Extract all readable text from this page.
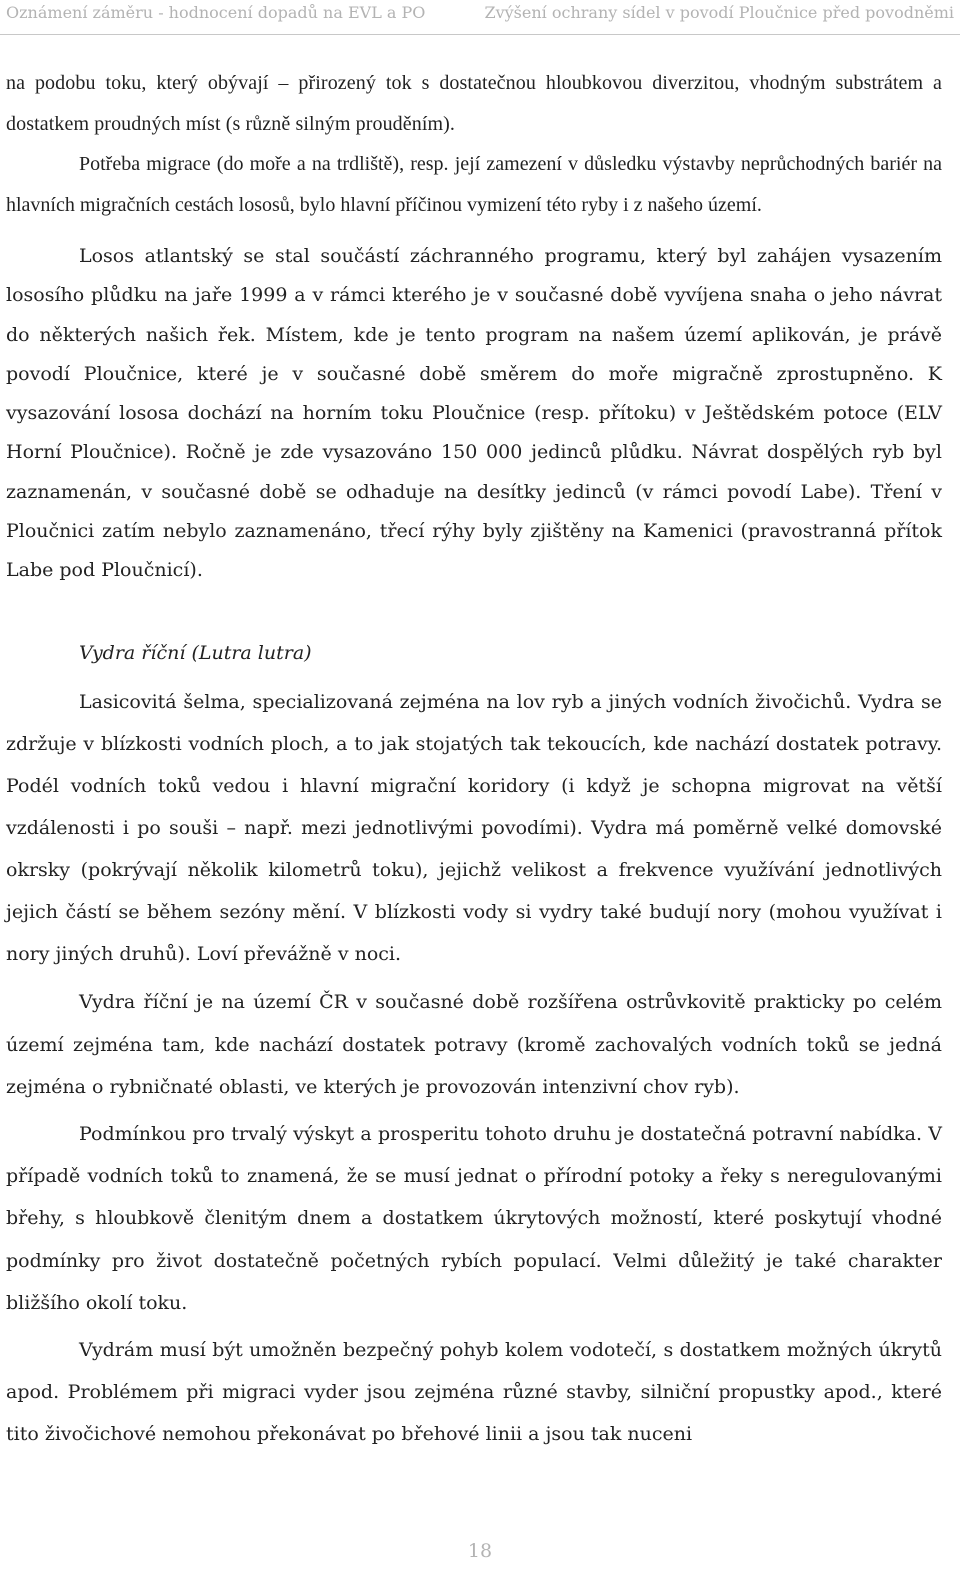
Oznámení záměru - hodnocení dopadů na EVL a PO	Zvýšení ochrany sídel v povodí Ploučnice před povodněmi

na podobu toku, který obývají – přirozený tok s dostatečnou hloubkovou diverzitou, vhodným substrátem a dostatkem proudných míst (s různě silným prouděním).

Potřeba migrace (do moře a na trdliště), resp. její zamezení v důsledku výstavby neprůchodných bariér na hlavních migračních cestách lososů, bylo hlavní příčinou vymizení této ryby i z našeho území.

Losos atlantský se stal součástí záchranného programu, který byl zahájen vysazením lososího plůdku na jaře 1999 a v rámci kterého je v současné době vyvíjena snaha o jeho návrat do některých našich řek. Místem, kde je tento program na našem území aplikován, je právě povodí Ploučnice, které je v současné době směrem do moře migračně zprostupněno. K vysazování lososa dochází na horním toku Ploučnice (resp. přítoku) v Ještědském potoce (ELV Horní Ploučnice). Ročně je zde vysazováno 150 000 jedinců plůdku. Návrat dospělých ryb byl zaznamenán, v současné době se odhaduje na desítky jedinců (v rámci povodí Labe). Tření v Ploučnici zatím nebylo zaznamenáno, třecí rýhy byly zjištěny na Kamenici (pravostranná přítok Labe pod Ploučnicí).

Vydra říční (Lutra lutra)

Lasicovitá šelma, specializovaná zejména na lov ryb a jiných vodních živočichů. Vydra se zdržuje v blízkosti vodních ploch, a to jak stojatých tak tekoucích, kde nachází dostatek potravy. Podél vodních toků vedou i hlavní migrační koridory (i když je schopna migrovat na větší vzdálenosti i po souši – např. mezi jednotlivými povodími). Vydra má poměrně velké domovské okrsky (pokrývají několik kilometrů toku), jejichž velikost a frekvence využívání jednotlivých jejich částí se během sezóny mění. V blízkosti vody si vydry také budují nory (mohou využívat i nory jiných druhů). Loví převážně v noci.

Vydra říční je na území ČR v současné době rozšířena ostrůvkovitě prakticky po celém území zejména tam, kde nachází dostatek potravy (kromě zachovalých vodních toků se jedná zejména o rybničnaté oblasti, ve kterých je provozován intenzivní chov ryb).

Podmínkou pro trvalý výskyt a prosperitu tohoto druhu je dostatečná potravní nabídka. V případě vodních toků to znamená, že se musí jednat o přírodní potoky a řeky s neregulovanými břehy, s hloubkově členitým dnem a dostatkem úkrytových možností, které poskytují vhodné podmínky pro život dostatečně početných rybích populací. Velmi důležitý je také charakter bližšího okolí toku.

Vydrám musí být umožněn bezpečný pohyb kolem vodotečí, s dostatkem možných úkrytů apod. Problémem při migraci vyder jsou zejména různé stavby, silniční propustky apod., které tito živočichové nemohou překonávat po břehové linii a jsou tak nuceni

18
